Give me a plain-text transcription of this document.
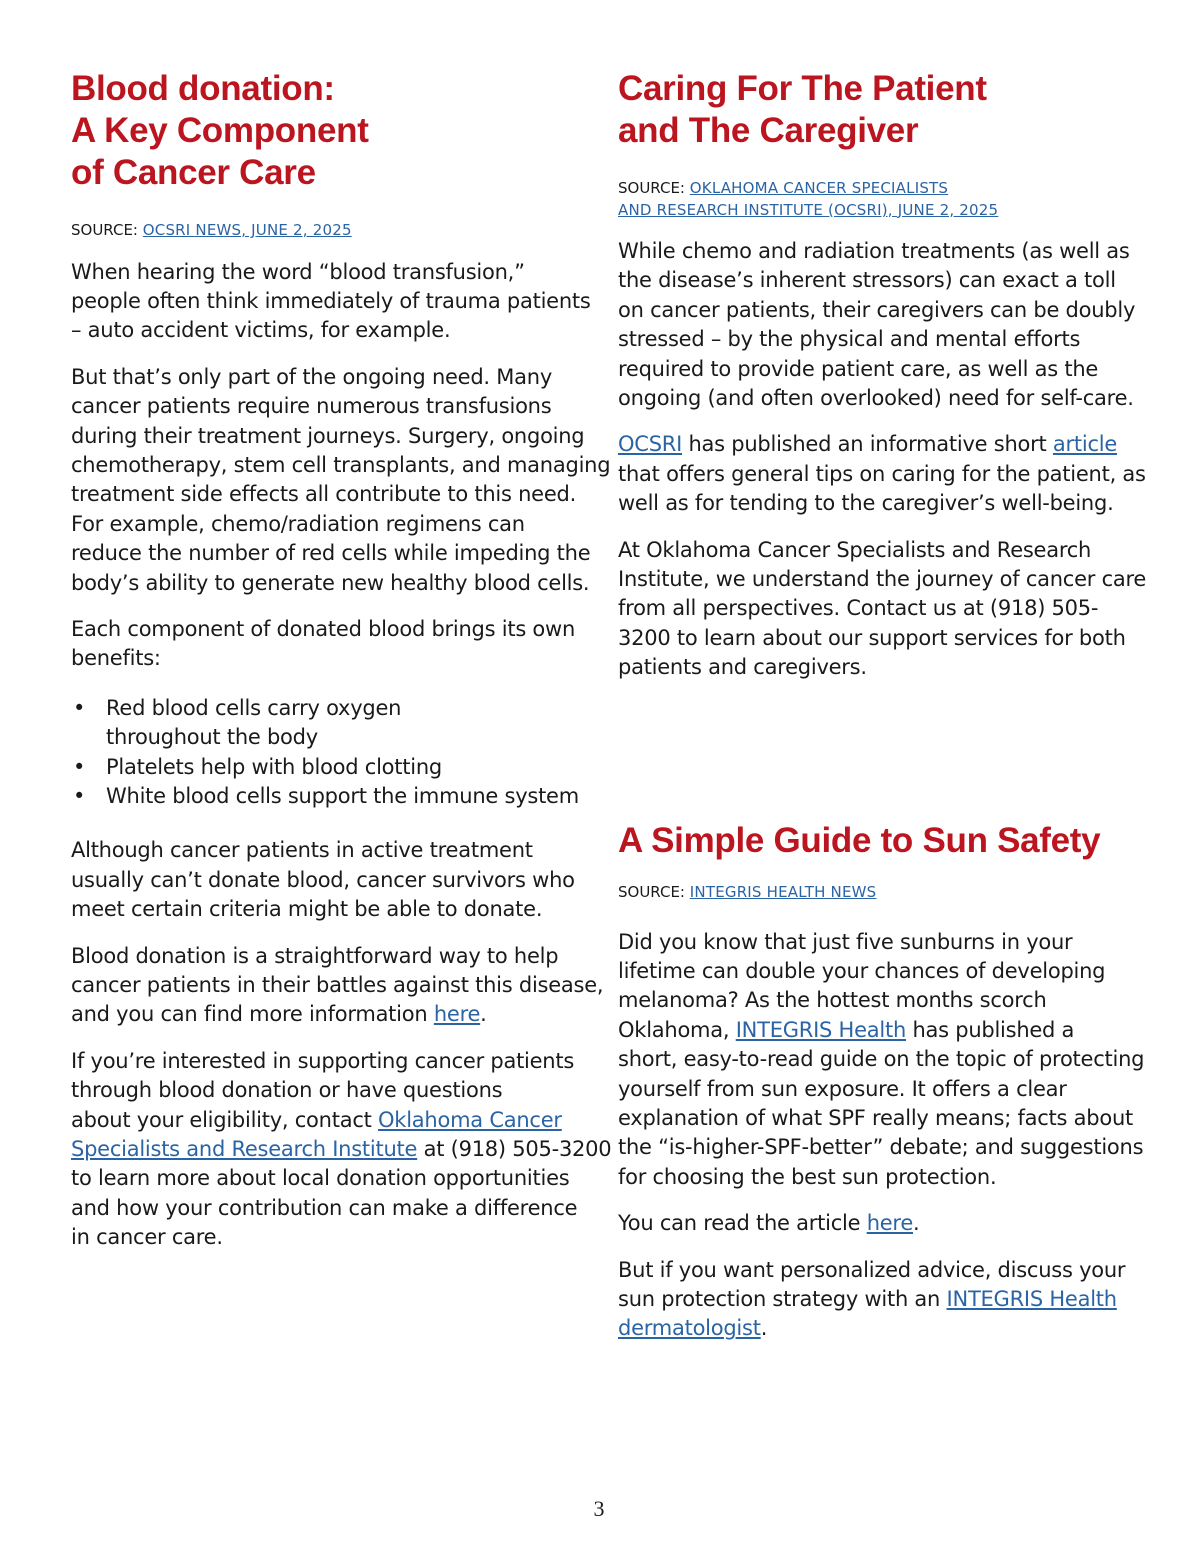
Blood donation:
A Key Component
of Cancer Care
SOURCE: OCSRI NEWS, JUNE 2, 2025

When hearing the word “blood transfusion,”
people often think immediately of trauma patients
– auto accident victims, for example.

But that’s only part of the ongoing need. Many
cancer patients require numerous transfusions
during their treatment journeys. Surgery, ongoing
chemotherapy, stem cell transplants, and managing
treatment side effects all contribute to this need.
For example, chemo/radiation regimens can
reduce the number of red cells while impeding the
body’s ability to generate new healthy blood cells.

Each component of donated blood brings its own
benefits:

• Red blood cells carry oxygen
throughout the body
• Platelets help with blood clotting
• White blood cells support the immune system

Although cancer patients in active treatment
usually can’t donate blood, cancer survivors who
meet certain criteria might be able to donate.

Blood donation is a straightforward way to help
cancer patients in their battles against this disease,
and you can find more information here.

If you’re interested in supporting cancer patients
through blood donation or have questions
about your eligibility, contact Oklahoma Cancer
Specialists and Research Institute at (918) 505-3200
to learn more about local donation opportunities
and how your contribution can make a difference
in cancer care.

Caring For The Patient
and The Caregiver
SOURCE: OKLAHOMA CANCER SPECIALISTS
AND RESEARCH INSTITUTE (OCSRI), JUNE 2, 2025

While chemo and radiation treatments (as well as
the disease’s inherent stressors) can exact a toll
on cancer patients, their caregivers can be doubly
stressed – by the physical and mental efforts
required to provide patient care, as well as the
ongoing (and often overlooked) need for self-care.

OCSRI has published an informative short article
that offers general tips on caring for the patient, as
well as for tending to the caregiver’s well-being.

At Oklahoma Cancer Specialists and Research
Institute, we understand the journey of cancer care
from all perspectives. Contact us at (918) 505-
3200 to learn about our support services for both
patients and caregivers.

A Simple Guide to Sun Safety
SOURCE: INTEGRIS HEALTH NEWS

Did you know that just five sunburns in your
lifetime can double your chances of developing
melanoma? As the hottest months scorch
Oklahoma, INTEGRIS Health has published a
short, easy-to-read guide on the topic of protecting
yourself from sun exposure. It offers a clear
explanation of what SPF really means; facts about
the “is-higher-SPF-better” debate; and suggestions
for choosing the best sun protection.

You can read the article here.

But if you want personalized advice, discuss your
sun protection strategy with an INTEGRIS Health
dermatologist.

3
